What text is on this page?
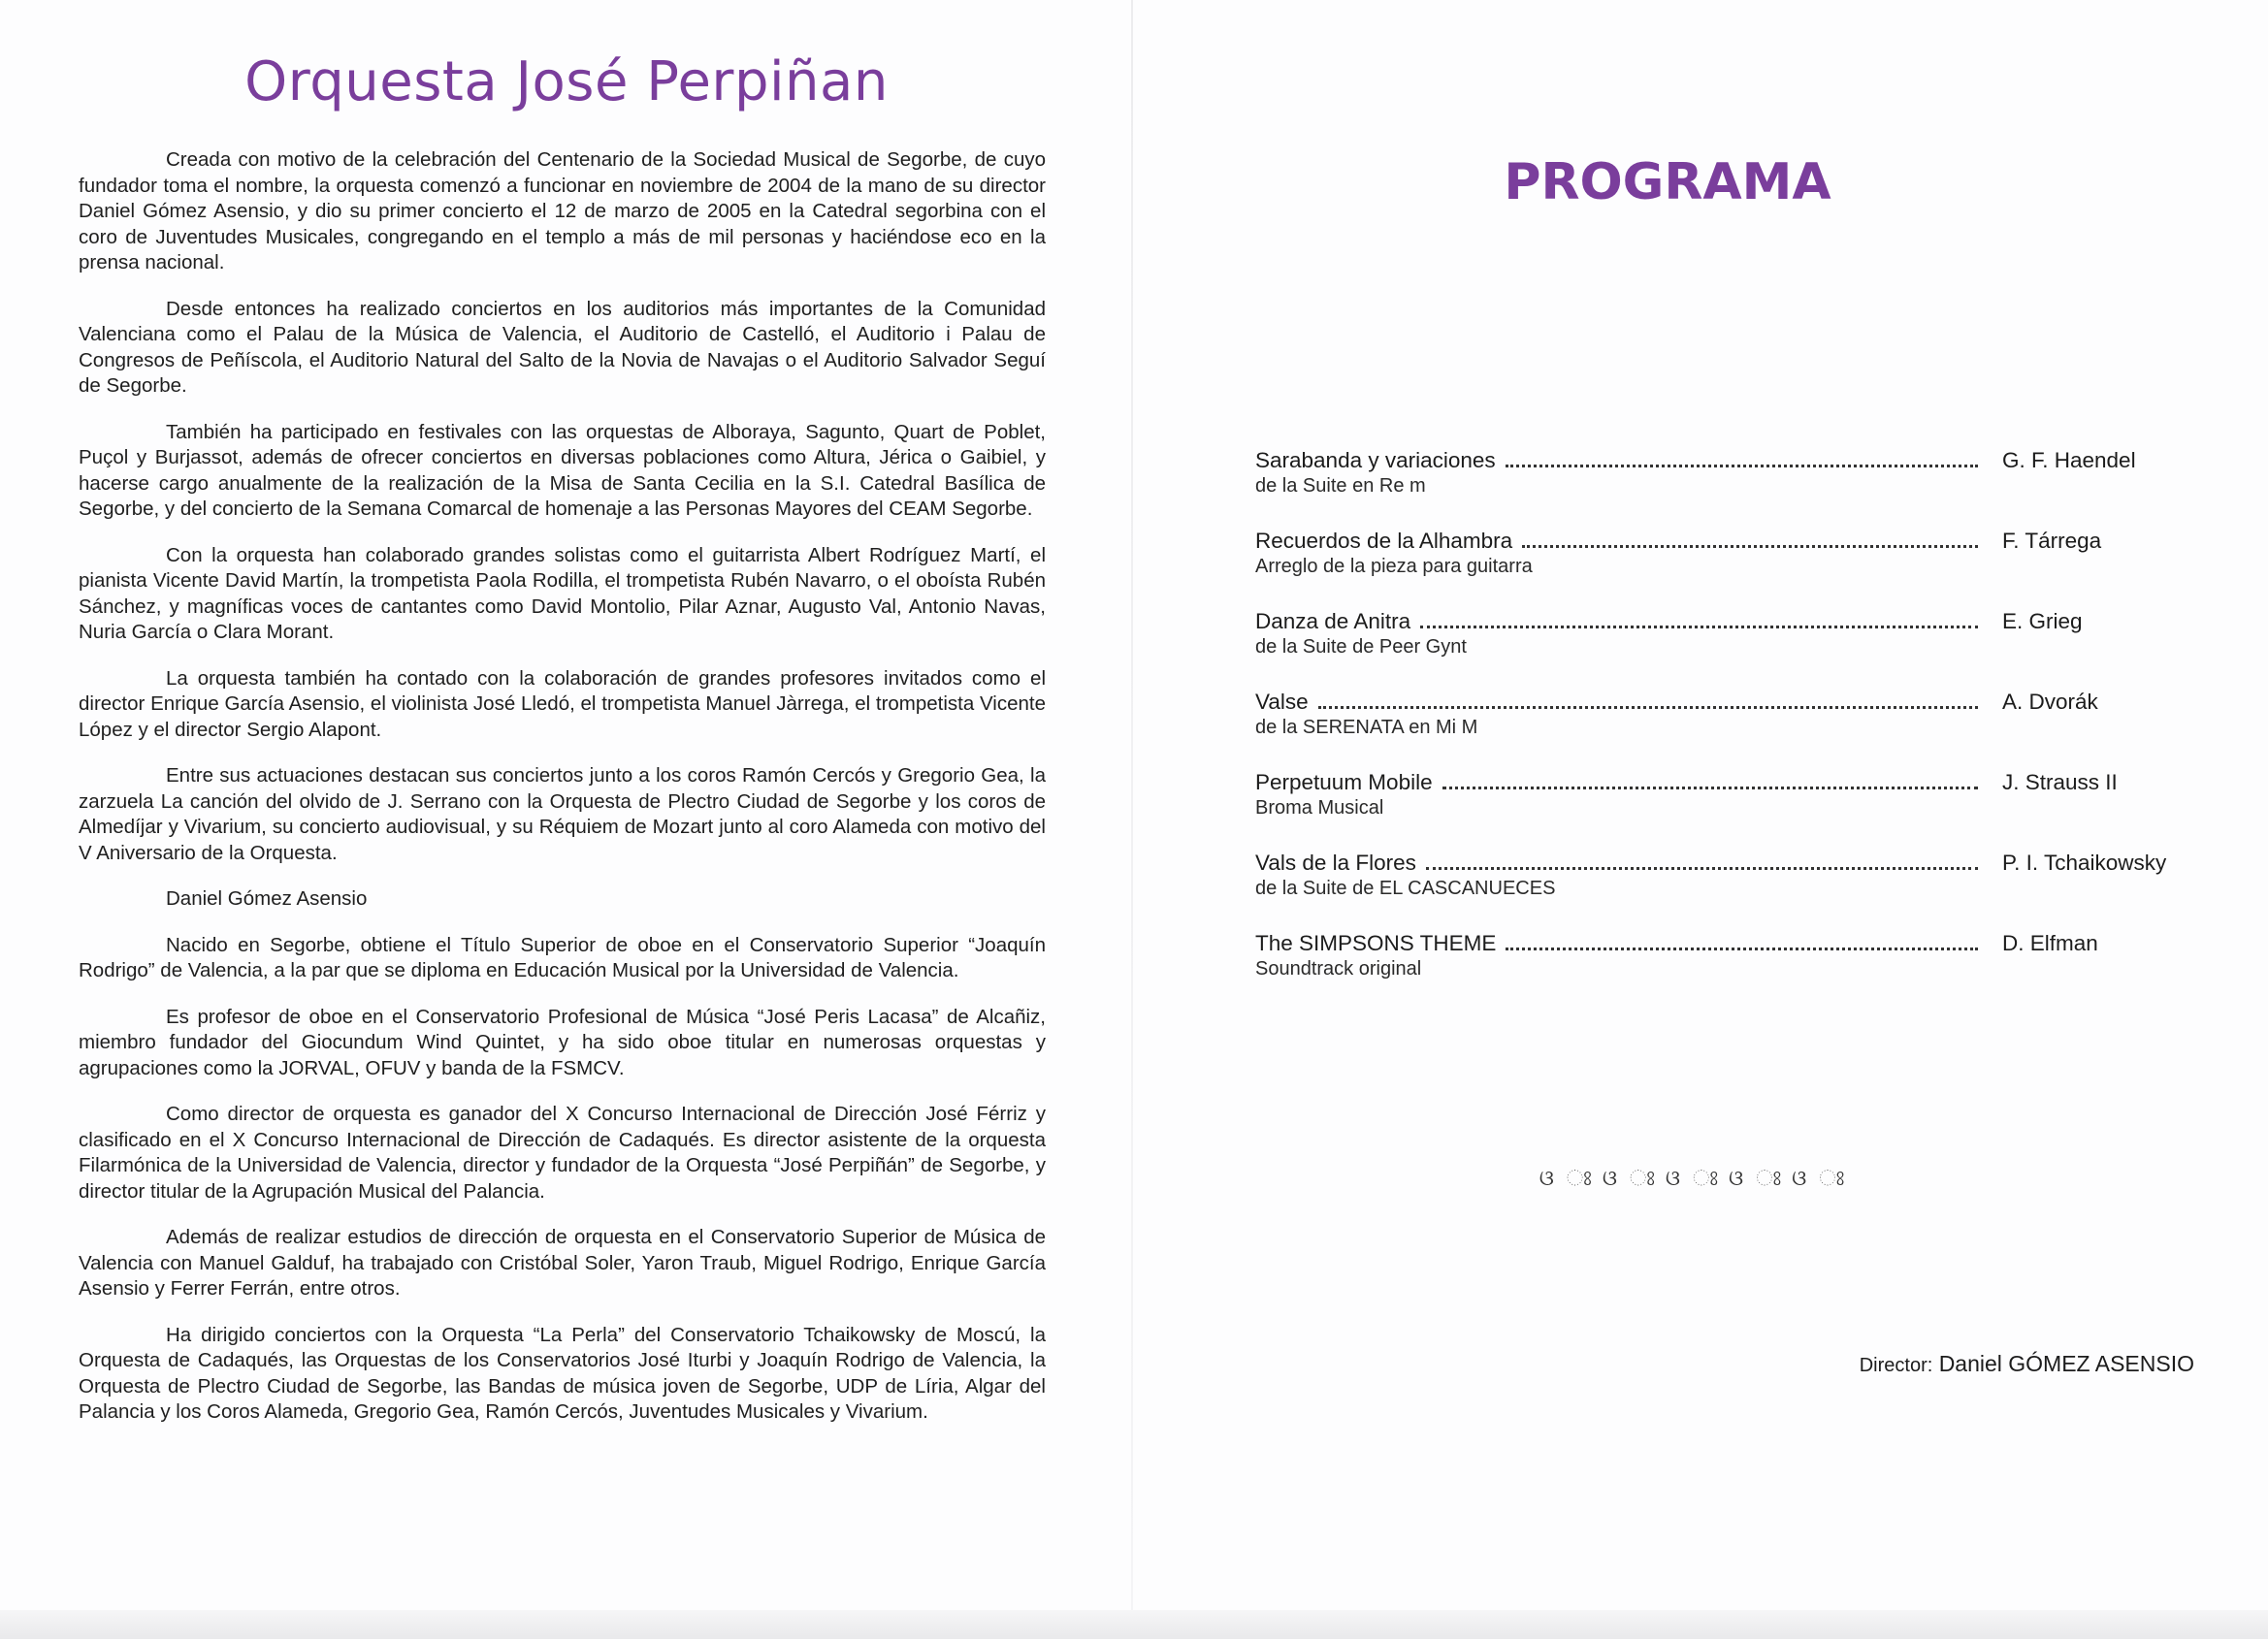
Orquesta José Perpiñan

Creada con motivo de la celebración del Centenario de la Sociedad Musical de Segorbe, de cuyo fundador toma el nombre, la orquesta comenzó a funcionar en noviembre de 2004 de la mano de su director Daniel Gómez Asensio, y dio su primer concierto el 12 de marzo de 2005 en la Catedral segorbina con el coro de Juventudes Musicales, congregando en el templo a más de mil personas y haciéndose eco en la prensa nacional.

Desde entonces ha realizado conciertos en los auditorios más importantes de la Comunidad Valenciana como el Palau de la Música de Valencia, el Auditorio de Castelló, el Auditorio i Palau de Congresos de Peñíscola, el Auditorio Natural del Salto de la Novia de Navajas o el Auditorio Salvador Seguí de Segorbe.

También ha participado en festivales con las orquestas de Alboraya, Sagunto, Quart de Poblet, Puçol y Burjassot, además de ofrecer conciertos en diversas poblaciones como Altura, Jérica o Gaibiel, y hacerse cargo anualmente de la realización de la Misa de Santa Cecilia en la S.I. Catedral Basílica de Segorbe, y del concierto de la Semana Comarcal de homenaje a las Personas Mayores del CEAM Segorbe.

Con la orquesta han colaborado grandes solistas como el guitarrista Albert Rodríguez Martí, el pianista Vicente David Martín, la trompetista Paola Rodilla, el trompetista Rubén Navarro, o el oboísta Rubén Sánchez, y magníficas voces de cantantes como David Montolio, Pilar Aznar, Augusto Val, Antonio Navas, Nuria García o Clara Morant.

La orquesta también ha contado con la colaboración de grandes profesores invitados como el director Enrique García Asensio, el violinista José Lledó, el trompetista Manuel Jàrrega, el trompetista Vicente López y el director Sergio Alapont.

Entre sus actuaciones destacan sus conciertos junto a los coros Ramón Cercós y Gregorio Gea, la zarzuela La canción del olvido de J. Serrano con la Orquesta de Plectro Ciudad de Segorbe y los coros de Almedíjar y Vivarium, su concierto audiovisual, y su Réquiem de Mozart junto al coro Alameda con motivo del V Aniversario de la Orquesta.

Daniel Gómez Asensio

Nacido en Segorbe, obtiene el Título Superior de oboe en el Conservatorio Superior “Joaquín Rodrigo” de Valencia, a la par que se diploma en Educación Musical por la Universidad de Valencia.

Es profesor de oboe en el Conservatorio Profesional de Música “José Peris Lacasa” de Alcañiz, miembro fundador del Giocundum Wind Quintet, y ha sido oboe titular en numerosas orquestas y agrupaciones como la JORVAL, OFUV y banda de la FSMCV.

Como director de orquesta es ganador del X Concurso Internacional de Dirección José Férriz y clasificado en el X Concurso Internacional de Dirección de Cadaqués. Es director asistente de la orquesta Filarmónica de la Universidad de Valencia, director y fundador de la Orquesta “José Perpiñán” de Segorbe, y director titular de la Agrupación Musical del Palancia.

Además de realizar estudios de dirección de orquesta en el Conservatorio Superior de Música de Valencia con Manuel Galduf, ha trabajado con Cristóbal Soler, Yaron Traub, Miguel Rodrigo, Enrique García Asensio y Ferrer Ferrán, entre otros.

Ha dirigido conciertos con la Orquesta “La Perla” del Conservatorio Tchaikowsky de Moscú, la Orquesta de Cadaqués, las Orquestas de los Conservatorios José Iturbi y Joaquín Rodrigo de Valencia, la Orquesta de Plectro Ciudad de Segorbe, las Bandas de música joven de Segorbe, UDP de Líria, Algar del Palancia y los Coros Alameda, Gregorio Gea, Ramón Cercós, Juventudes Musicales y Vivarium.

PROGRAMA
Sarabanda y variaciones	G. F. Haendel
de la Suite en Re m
Recuerdos de la Alhambra	F. Tárrega
Arreglo de la pieza para guitarra
Danza de Anitra	E. Grieg
de la Suite de Peer Gynt
Valse	A. Dvorák
de la SERENATA en Mi M
Perpetuum Mobile	J. Strauss II
Broma Musical
Vals de la Flores	P. I. Tchaikowsky
de la Suite de EL CASCANUECES
The SIMPSONS THEME	D. Elfman
Soundtrack original
ଓ ଃ ଓ ଃ ଓ ଃ ଓ ଃ ଓ ଃ
Director: Daniel GÓMEZ ASENSIO
